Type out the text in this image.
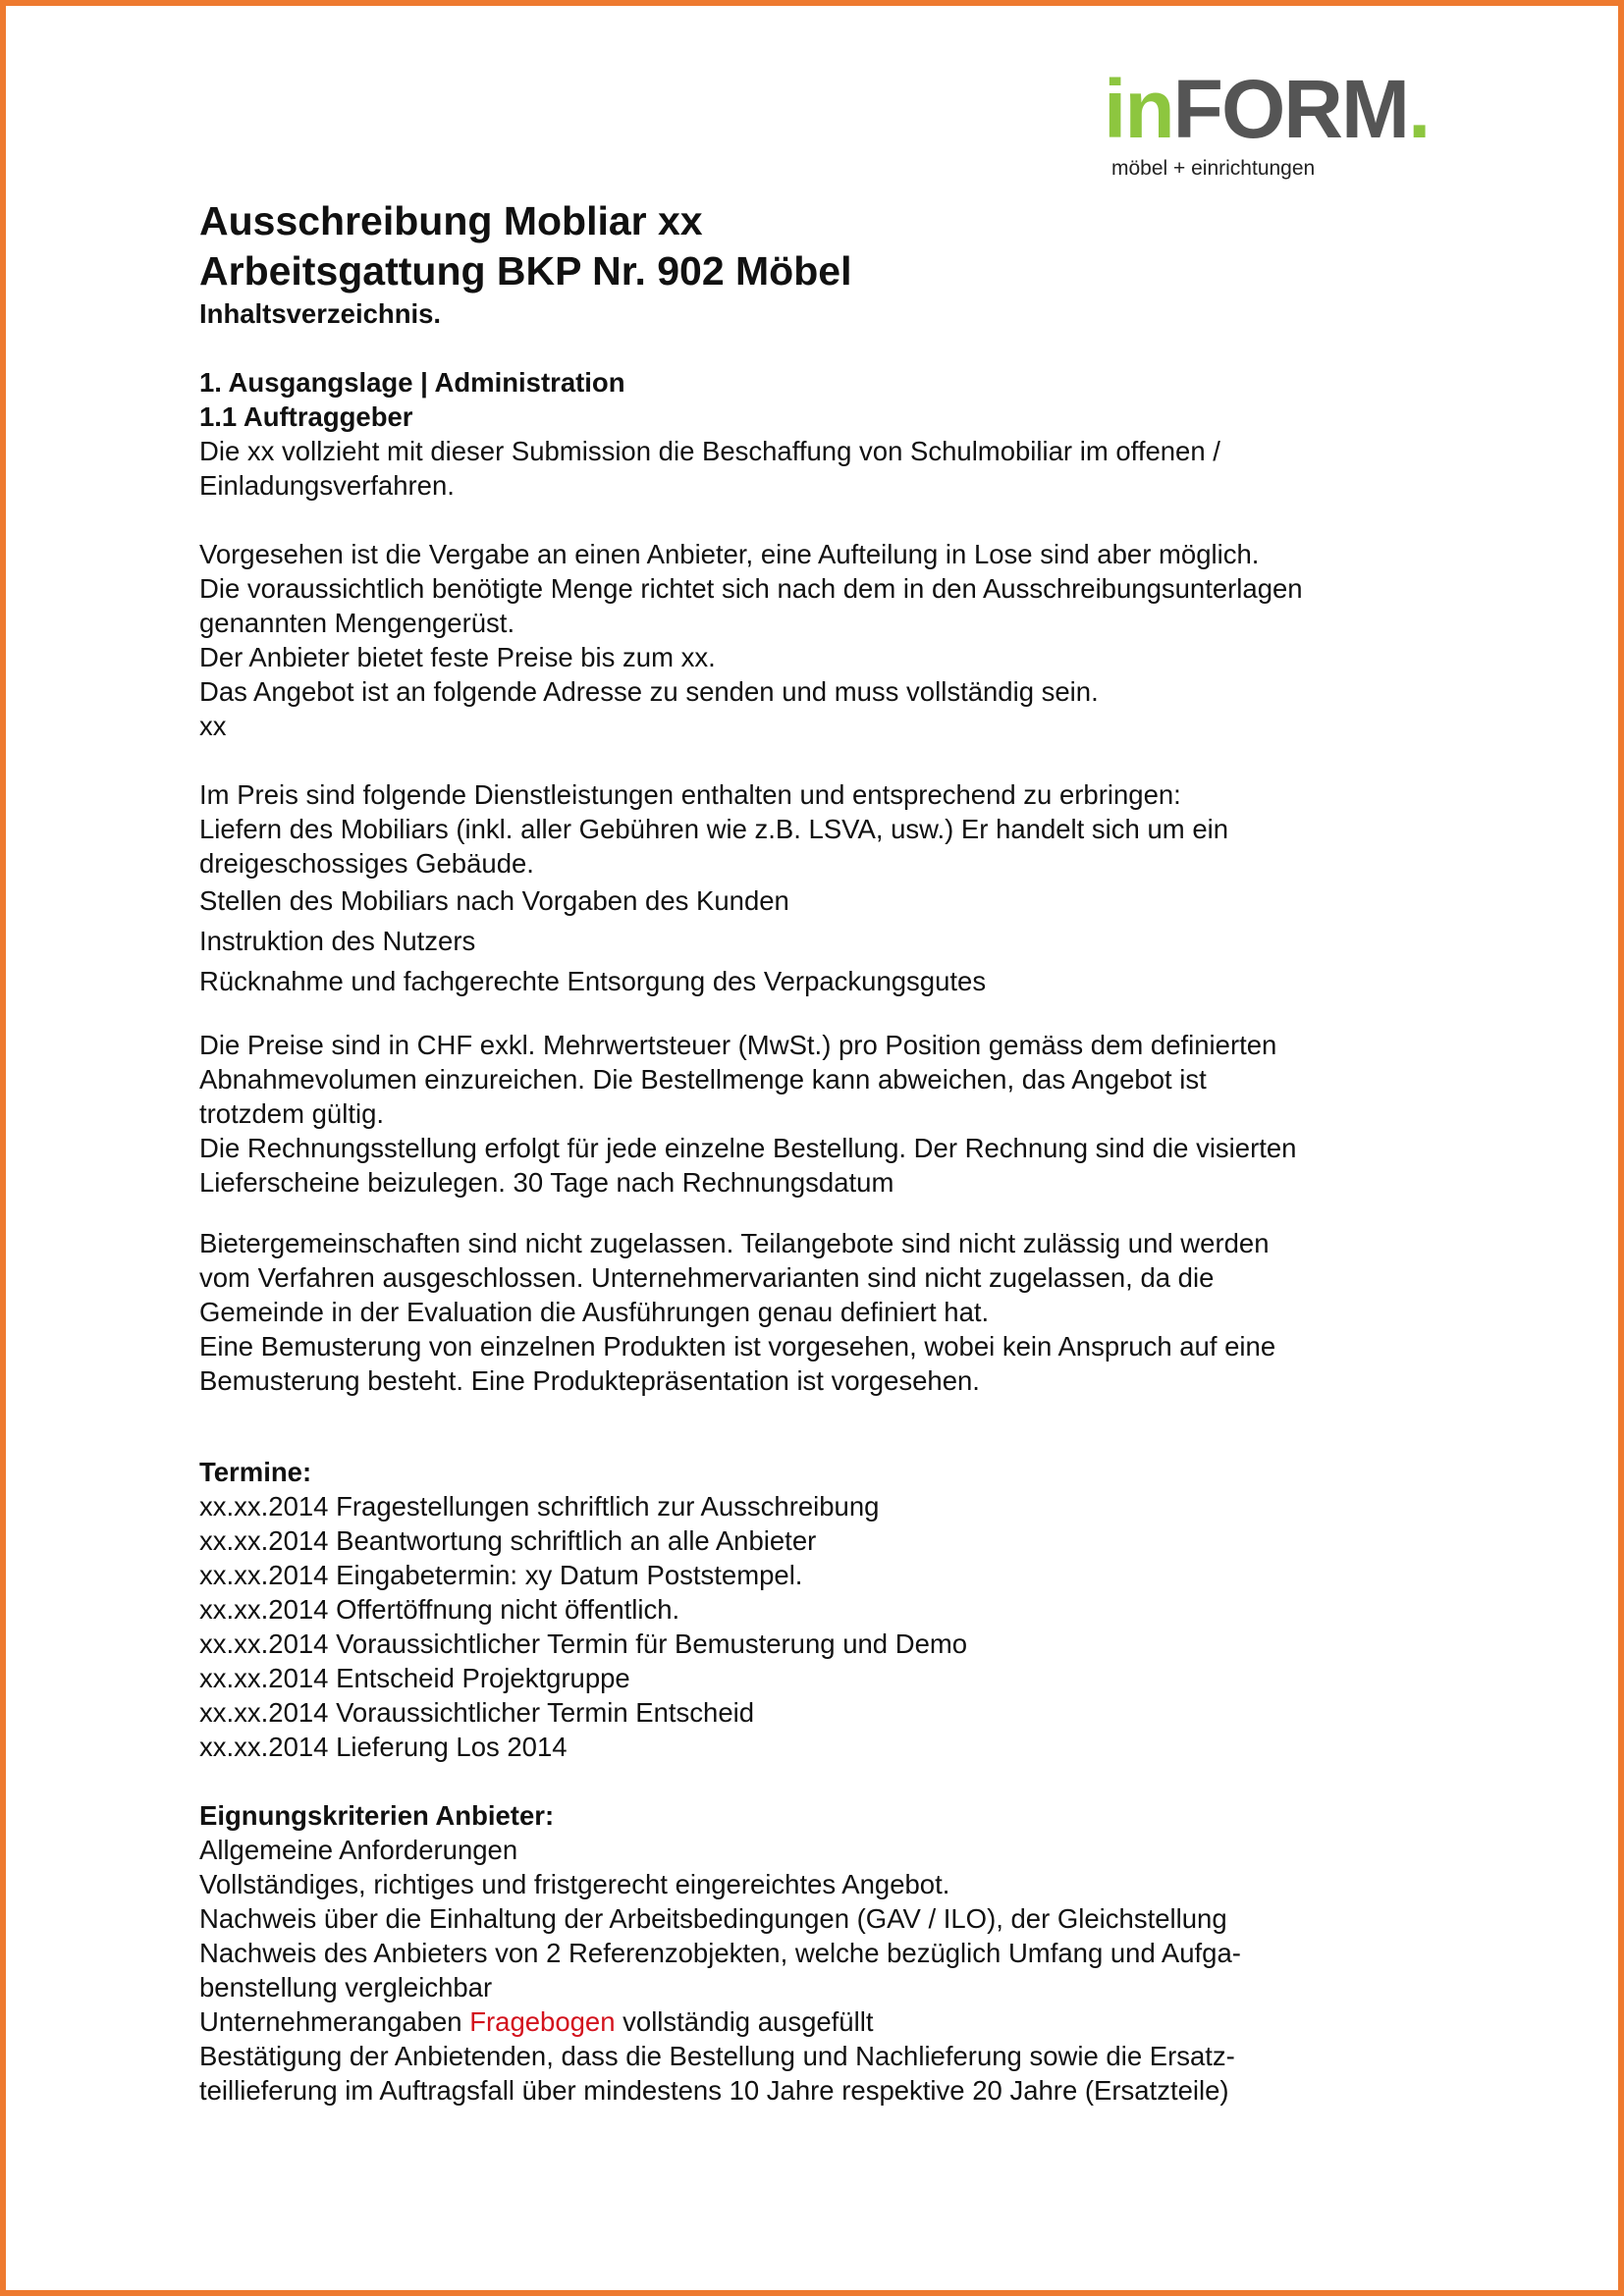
inFORM.
möbel + einrichtungen
Ausschreibung Mobliar xx
Arbeitsgattung BKP Nr. 902 Möbel
Inhaltsverzeichnis.
1. Ausgangslage | Administration
1.1 Auftraggeber
Die xx vollzieht mit dieser Submission die Beschaffung von Schulmobiliar im offenen /
Einladungsverfahren.
Vorgesehen ist die Vergabe an einen Anbieter, eine Aufteilung in Lose sind aber möglich.
Die voraussichtlich benötigte Menge richtet sich nach dem in den Ausschreibungsunterlagen
genannten Mengengerüst.
Der Anbieter bietet feste Preise bis zum xx.
Das Angebot ist an folgende Adresse zu senden und muss vollständig sein.
xx
Im Preis sind folgende Dienstleistungen enthalten und entsprechend zu erbringen:
Liefern des Mobiliars (inkl. aller Gebühren wie z.B. LSVA, usw.) Er handelt sich um ein
dreigeschossiges Gebäude.
Stellen des Mobiliars nach Vorgaben des Kunden
Instruktion des Nutzers
Rücknahme und fachgerechte Entsorgung des Verpackungsgutes
Die Preise sind in CHF exkl. Mehrwertsteuer (MwSt.) pro Position gemäss dem definierten
Abnahmevolumen einzureichen. Die Bestellmenge kann abweichen, das Angebot ist
trotzdem gültig.
Die Rechnungsstellung erfolgt für jede einzelne Bestellung. Der Rechnung sind die visierten
Lieferscheine beizulegen. 30 Tage nach Rechnungsdatum
Bietergemeinschaften sind nicht zugelassen. Teilangebote sind nicht zulässig und werden
vom Verfahren ausgeschlossen. Unternehmervarianten sind nicht zugelassen, da die
Gemeinde in der Evaluation die Ausführungen genau definiert hat.
Eine Bemusterung von einzelnen Produkten ist vorgesehen, wobei kein Anspruch auf eine
Bemusterung besteht. Eine Produktepräsentation ist vorgesehen.
Termine:
xx.xx.2014 Fragestellungen schriftlich zur Ausschreibung
xx.xx.2014 Beantwortung schriftlich an alle Anbieter
xx.xx.2014 Eingabetermin: xy Datum Poststempel.
xx.xx.2014 Offertöffnung nicht öffentlich.
xx.xx.2014 Voraussichtlicher Termin für Bemusterung und Demo
xx.xx.2014 Entscheid Projektgruppe
xx.xx.2014 Voraussichtlicher Termin Entscheid
xx.xx.2014 Lieferung Los 2014
Eignungskriterien Anbieter:
Allgemeine Anforderungen
Vollständiges, richtiges und fristgerecht eingereichtes Angebot.
Nachweis über die Einhaltung der Arbeitsbedingungen (GAV / ILO), der Gleichstellung
Nachweis des Anbieters von 2 Referenzobjekten, welche bezüglich Umfang und Aufga-
benstellung vergleichbar
Unternehmerangaben Fragebogen vollständig ausgefüllt
Bestätigung der Anbietenden, dass die Bestellung und Nachlieferung sowie die Ersatz-
teillieferung im Auftragsfall über mindestens 10 Jahre respektive 20 Jahre (Ersatzteile)
